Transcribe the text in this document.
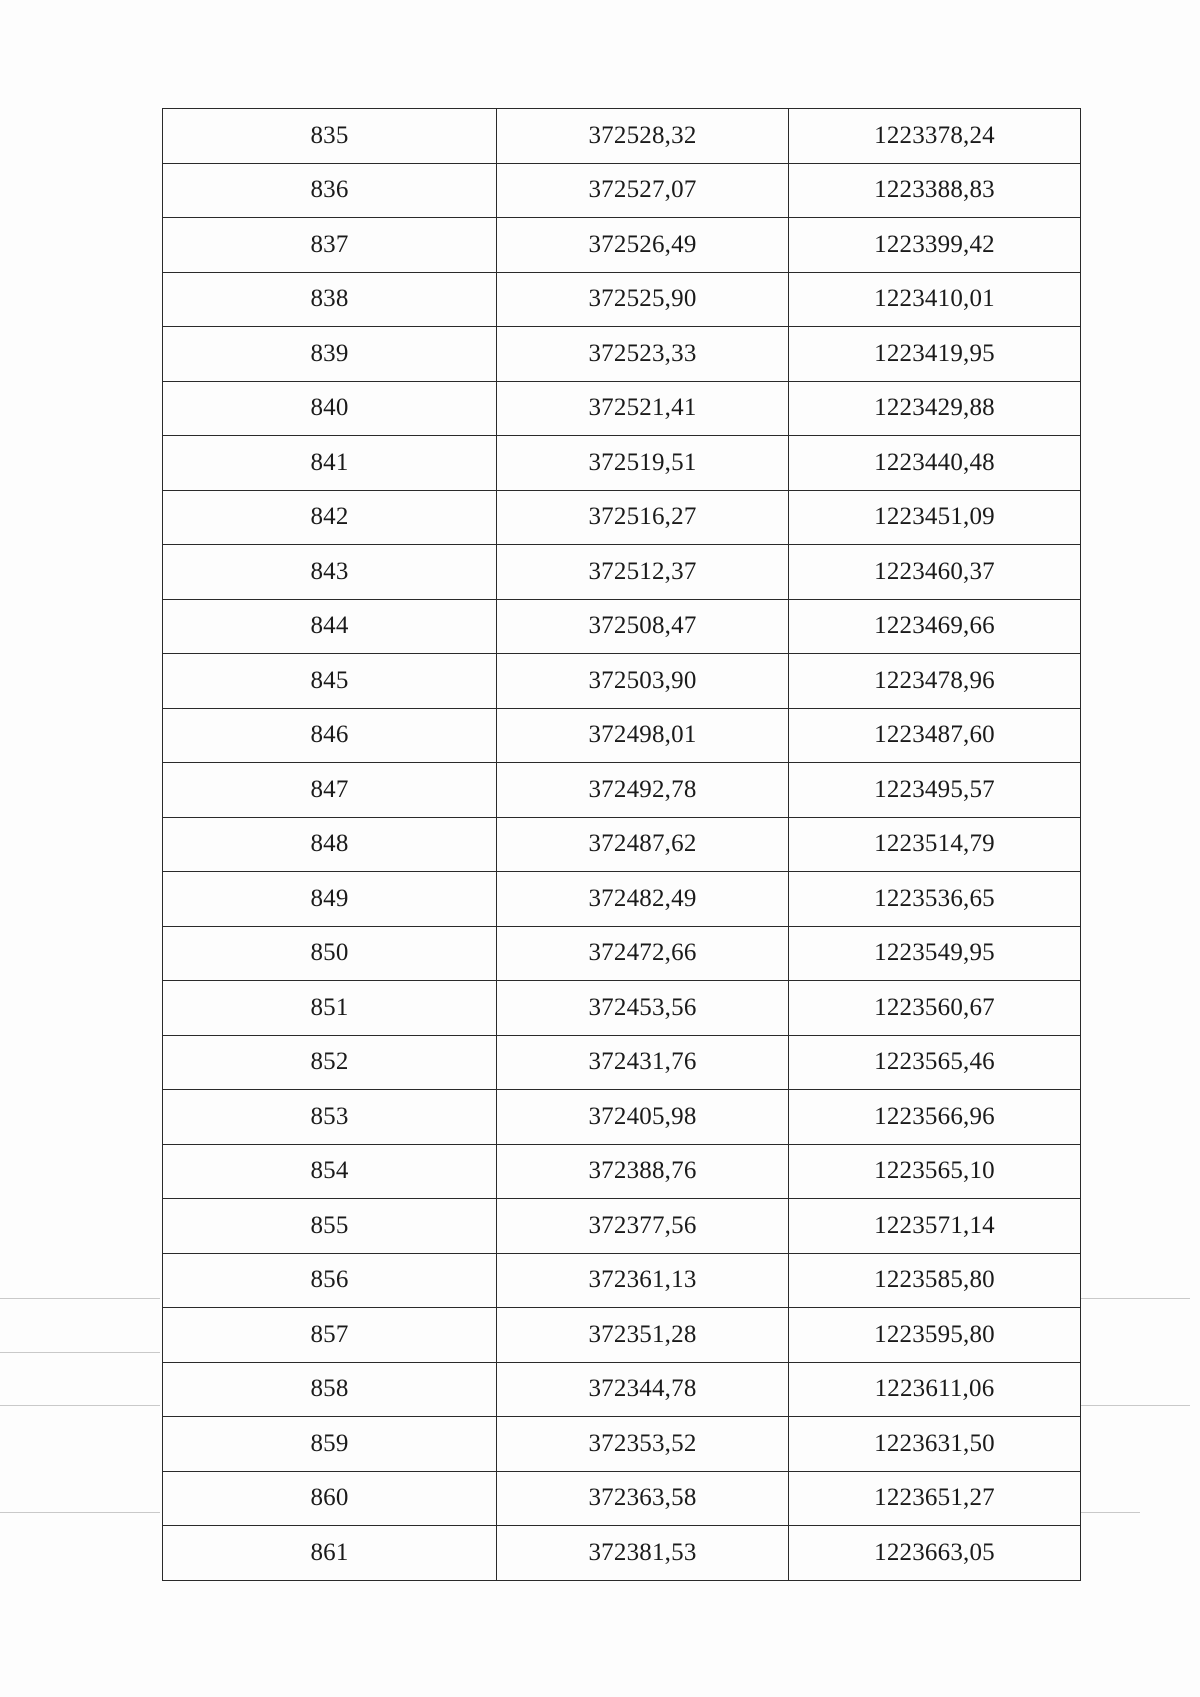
835	372528,32	1223378,24
836	372527,07	1223388,83
837	372526,49	1223399,42
838	372525,90	1223410,01
839	372523,33	1223419,95
840	372521,41	1223429,88
841	372519,51	1223440,48
842	372516,27	1223451,09
843	372512,37	1223460,37
844	372508,47	1223469,66
845	372503,90	1223478,96
846	372498,01	1223487,60
847	372492,78	1223495,57
848	372487,62	1223514,79
849	372482,49	1223536,65
850	372472,66	1223549,95
851	372453,56	1223560,67
852	372431,76	1223565,46
853	372405,98	1223566,96
854	372388,76	1223565,10
855	372377,56	1223571,14
856	372361,13	1223585,80
857	372351,28	1223595,80
858	372344,78	1223611,06
859	372353,52	1223631,50
860	372363,58	1223651,27
861	372381,53	1223663,05
